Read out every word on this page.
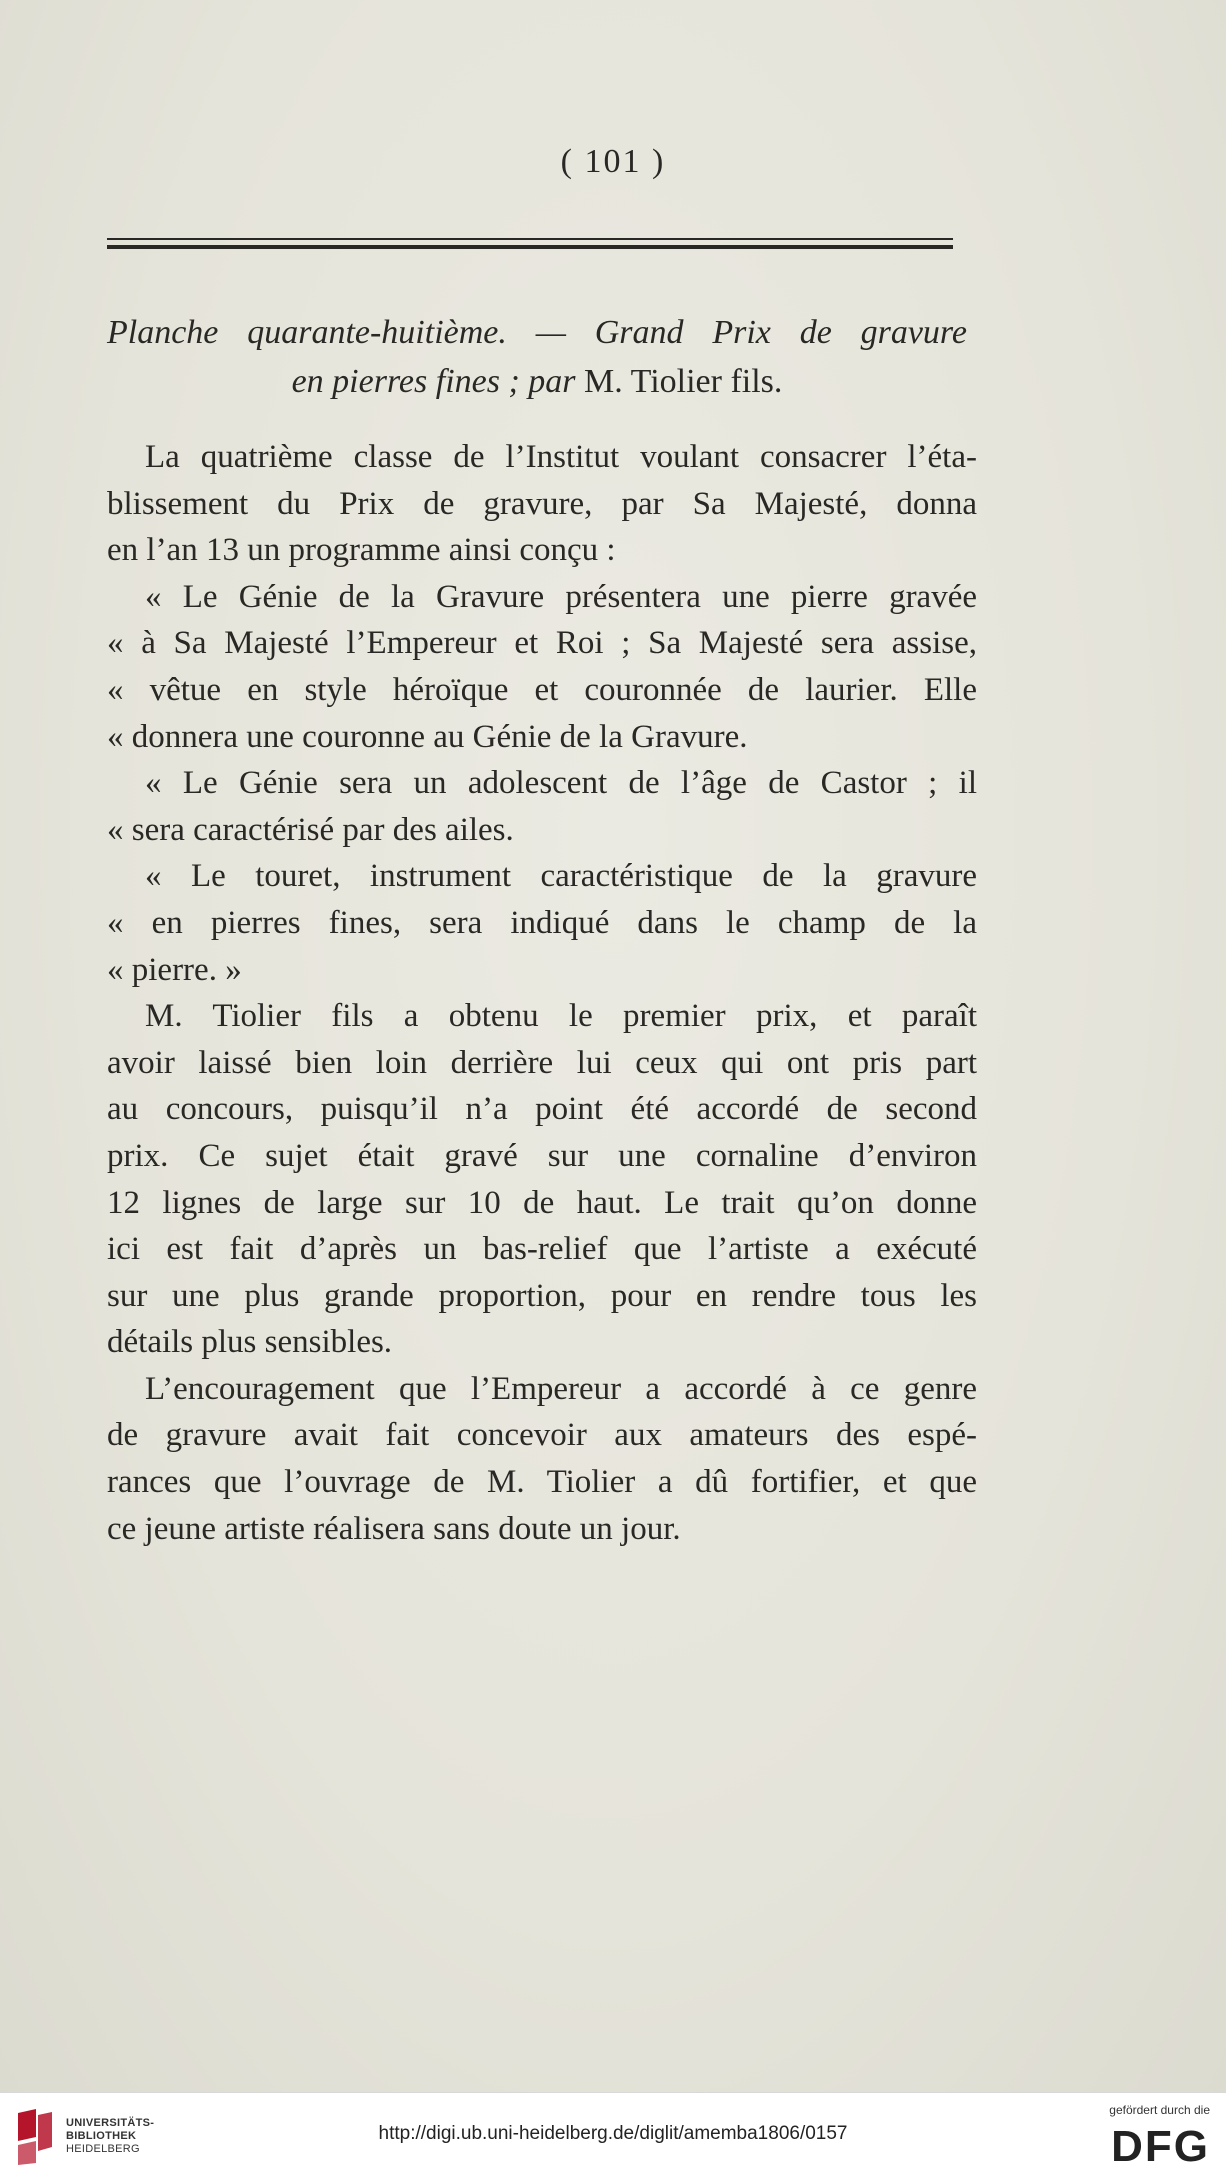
( 101 )
Planche quarante-huitième. — Grand Prix de gravure
en pierres fines ; par M. Tiolier fils.
La quatrième classe de l’Institut voulant consacrer l’éta-
blissement du Prix de gravure, par Sa Majesté, donna
en l’an 13 un programme ainsi conçu :
« Le Génie de la Gravure présentera une pierre gravée
« à Sa Majesté l’Empereur et Roi ; Sa Majesté sera assise,
« vêtue en style héroïque et couronnée de laurier. Elle
« donnera une couronne au Génie de la Gravure.
« Le Génie sera un adolescent de l’âge de Castor ; il
« sera caractérisé par des ailes.
« Le touret, instrument caractéristique de la gravure
« en pierres fines, sera indiqué dans le champ de la
« pierre. »
M. Tiolier fils a obtenu le premier prix, et paraît
avoir laissé bien loin derrière lui ceux qui ont pris part
au concours, puisqu’il n’a point été accordé de second
prix. Ce sujet était gravé sur une cornaline d’environ
12 lignes de large sur 10 de haut. Le trait qu’on donne
ici est fait d’après un bas-relief que l’artiste a exécuté
sur une plus grande proportion, pour en rendre tous les
détails plus sensibles.
L’encouragement que l’Empereur a accordé à ce genre
de gravure avait fait concevoir aux amateurs des espé-
rances que l’ouvrage de M. Tiolier a dû fortifier, et que
ce jeune artiste réalisera sans doute un jour.
UNIVERSITÄTS-
BIBLIOTHEK
HEIDELBERG
http://digi.ub.uni-heidelberg.de/diglit/amemba1806/0157
gefördert durch die
DFG
